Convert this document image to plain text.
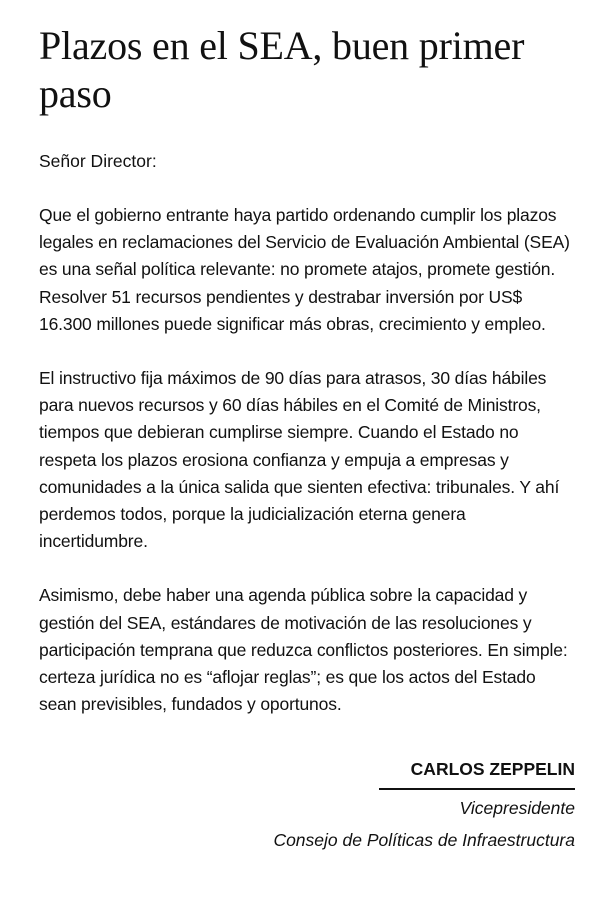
Plazos en el SEA, buen primer paso

Señor Director:

Que el gobierno entrante haya partido ordenando cumplir los plazos legales en reclamaciones del Servicio de Evaluación Ambiental (SEA) es una señal política relevante: no promete atajos, promete gestión. Resolver 51 recursos pendientes y destrabar inversión por US$ 16.300 millones puede significar más obras, crecimiento y empleo.

El instructivo fija máximos de 90 días para atrasos, 30 días hábiles para nuevos recursos y 60 días hábiles en el Comité de Ministros, tiempos que debieran cumplirse siempre. Cuando el Estado no respeta los plazos erosiona confianza y empuja a empresas y comunidades a la única salida que sienten efectiva: tribunales. Y ahí perdemos todos, porque la judicialización eterna genera incertidumbre.

Asimismo, debe haber una agenda pública sobre la capacidad y gestión del SEA, estándares de motivación de las resoluciones y participación temprana que reduzca conflictos posteriores. En simple: certeza jurídica no es “aflojar reglas”; es que los actos del Estado sean previsibles, fundados y oportunos.

CARLOS ZEPPELIN
Vicepresidente
Consejo de Políticas de Infraestructura
